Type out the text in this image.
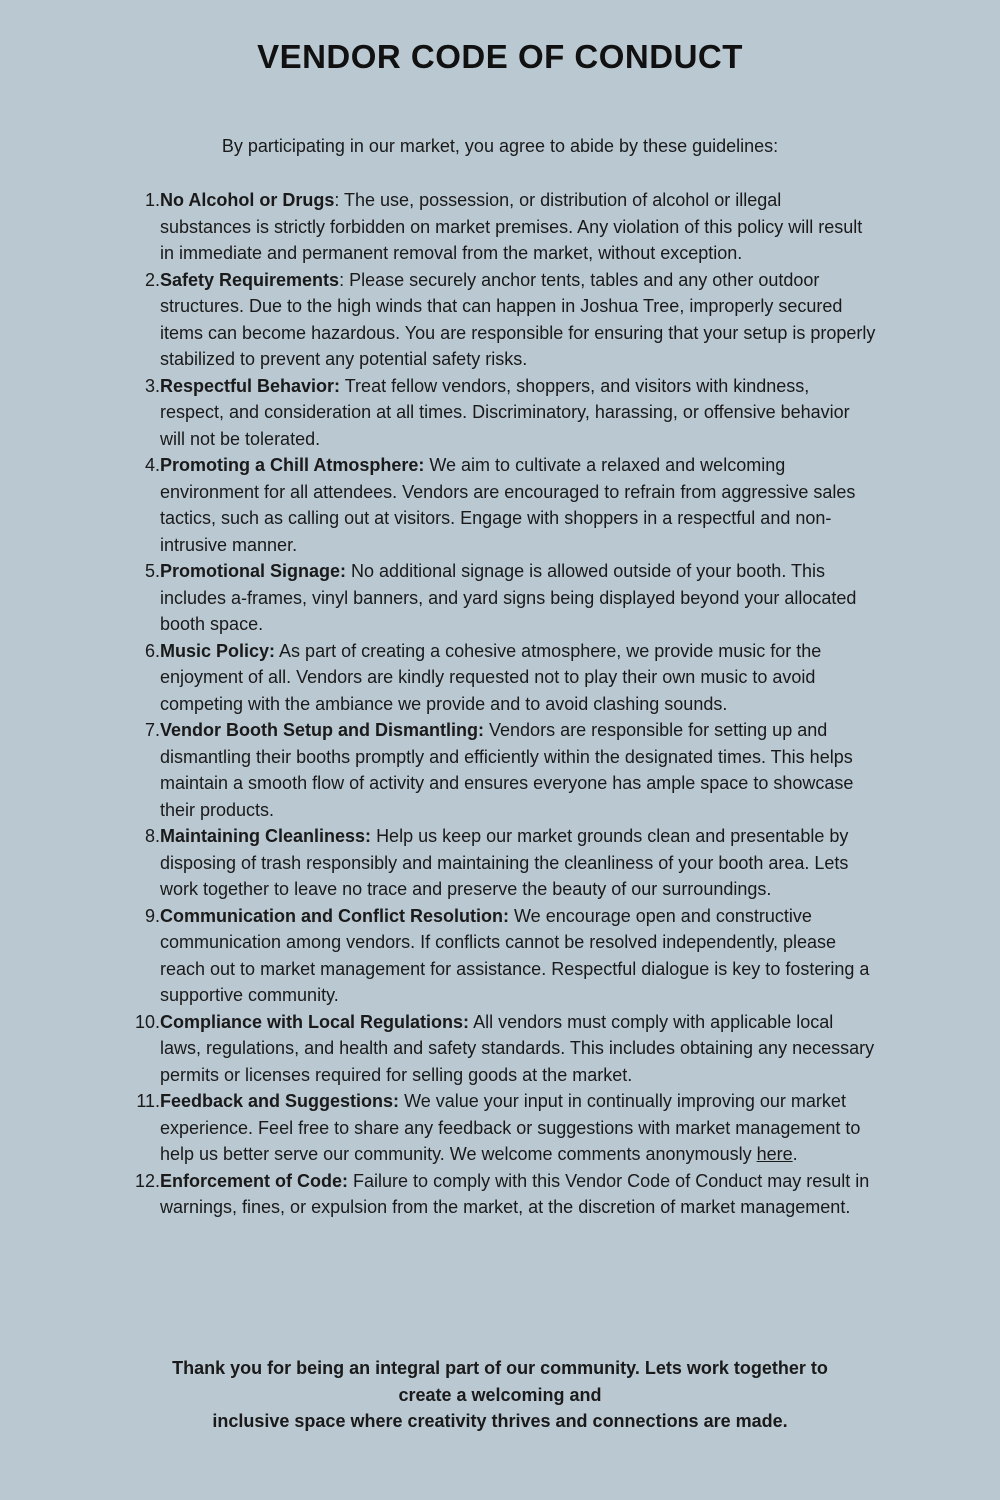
VENDOR CODE OF CONDUCT

By participating in our market, you agree to abide by these guidelines:

1. No Alcohol or Drugs: The use, possession, or distribution of alcohol or illegal substances is strictly forbidden on market premises. Any violation of this policy will result in immediate and permanent removal from the market, without exception.
2. Safety Requirements: Please securely anchor tents, tables and any other outdoor structures. Due to the high winds that can happen in Joshua Tree, improperly secured items can become hazardous. You are responsible for ensuring that your setup is properly stabilized to prevent any potential safety risks.
3. Respectful Behavior: Treat fellow vendors, shoppers, and visitors with kindness, respect, and consideration at all times. Discriminatory, harassing, or offensive behavior will not be tolerated.
4. Promoting a Chill Atmosphere: We aim to cultivate a relaxed and welcoming environment for all attendees. Vendors are encouraged to refrain from aggressive sales tactics, such as calling out at visitors. Engage with shoppers in a respectful and non-intrusive manner.
5. Promotional Signage: No additional signage is allowed outside of your booth. This includes a-frames, vinyl banners, and yard signs being displayed beyond your allocated booth space.
6. Music Policy: As part of creating a cohesive atmosphere, we provide music for the enjoyment of all. Vendors are kindly requested not to play their own music to avoid competing with the ambiance we provide and to avoid clashing sounds.
7. Vendor Booth Setup and Dismantling: Vendors are responsible for setting up and dismantling their booths promptly and efficiently within the designated times. This helps maintain a smooth flow of activity and ensures everyone has ample space to showcase their products.
8. Maintaining Cleanliness: Help us keep our market grounds clean and presentable by disposing of trash responsibly and maintaining the cleanliness of your booth area. Lets work together to leave no trace and preserve the beauty of our surroundings.
9. Communication and Conflict Resolution: We encourage open and constructive communication among vendors. If conflicts cannot be resolved independently, please reach out to market management for assistance. Respectful dialogue is key to fostering a supportive community.
10. Compliance with Local Regulations: All vendors must comply with applicable local laws, regulations, and health and safety standards. This includes obtaining any necessary permits or licenses required for selling goods at the market.
11. Feedback and Suggestions: We value your input in continually improving our market experience. Feel free to share any feedback or suggestions with market management to help us better serve our community. We welcome comments anonymously here.
12. Enforcement of Code: Failure to comply with this Vendor Code of Conduct may result in warnings, fines, or expulsion from the market, at the discretion of market management.

Thank you for being an integral part of our community. Lets work together to create a welcoming and
inclusive space where creativity thrives and connections are made.
